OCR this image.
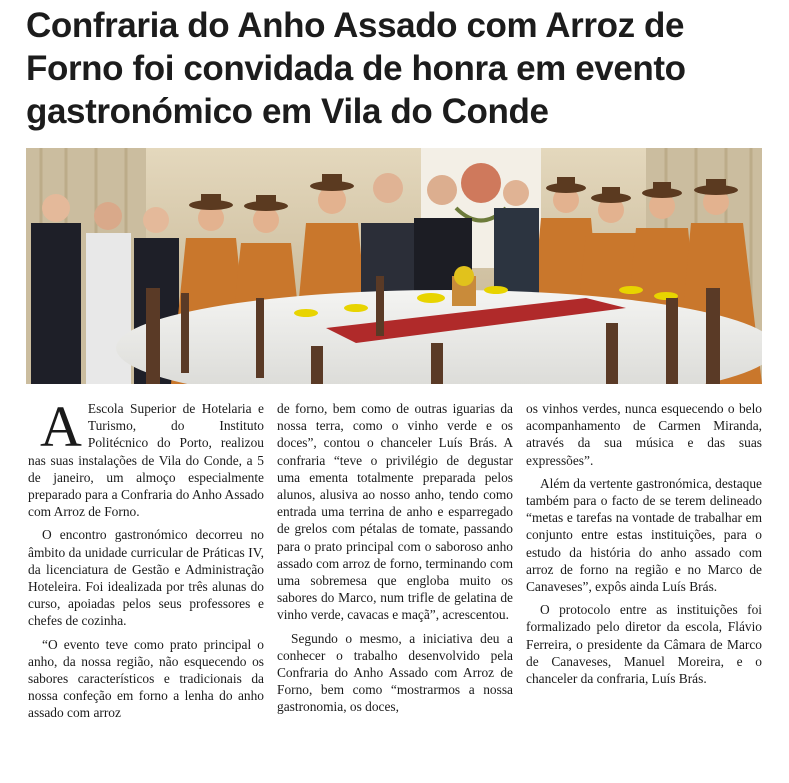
Confraria do Anho Assado com Arroz de Forno foi convidada de honra em evento gastronómico em Vila do Conde

A Escola Superior de Hotelaria e Turismo, do Instituto Politécnico do Porto, realizou nas suas instalações de Vila do Conde, a 5 de janeiro, um almoço especialmente preparado para a Confraria do Anho Assado com Arroz de Forno.

O encontro gastronómico decorreu no âmbito da unidade curricular de Práticas IV, da licenciatura de Gestão e Administração Hoteleira. Foi idealizada por três alunas do curso, apoiadas pelos seus professores e chefes de cozinha.

“O evento teve como prato principal o anho, da nossa região, não esquecendo os sabores característicos e tradicionais da nossa confeção em forno a lenha do anho assado com arroz

de forno, bem como de outras iguarias da nossa terra, como o vinho verde e os doces”, contou o chanceler Luís Brás. A confraria “teve o privilégio de degustar uma ementa totalmente preparada pelos alunos, alusiva ao nosso anho, tendo como entrada uma terrina de anho e esparregado de grelos com pétalas de tomate, passando para o prato principal com o saboroso anho assado com arroz de forno, terminando com uma sobremesa que engloba muito os sabores do Marco, num trifle de gelatina de vinho verde, cavacas e maçã”, acrescentou.

Segundo o mesmo, a iniciativa deu a conhecer o trabalho desenvolvido pela Confraria do Anho Assado com Arroz de Forno, bem como “mostrarmos a nossa gastronomia, os doces,

os vinhos verdes, nunca esquecendo o belo acompanhamento de Carmen Miranda, através da sua música e das suas expressões”.

Além da vertente gastronómica, destaque também para o facto de se terem delineado “metas e tarefas na vontade de trabalhar em conjunto entre estas instituições, para o estudo da história do anho assado com arroz de forno na região e no Marco de Canaveses”, expôs ainda Luís Brás.

O protocolo entre as instituições foi formalizado pelo diretor da escola, Flávio Ferreira, o presidente da Câmara de Marco de Canaveses, Manuel Moreira, e o chanceler da confraria, Luís Brás.
